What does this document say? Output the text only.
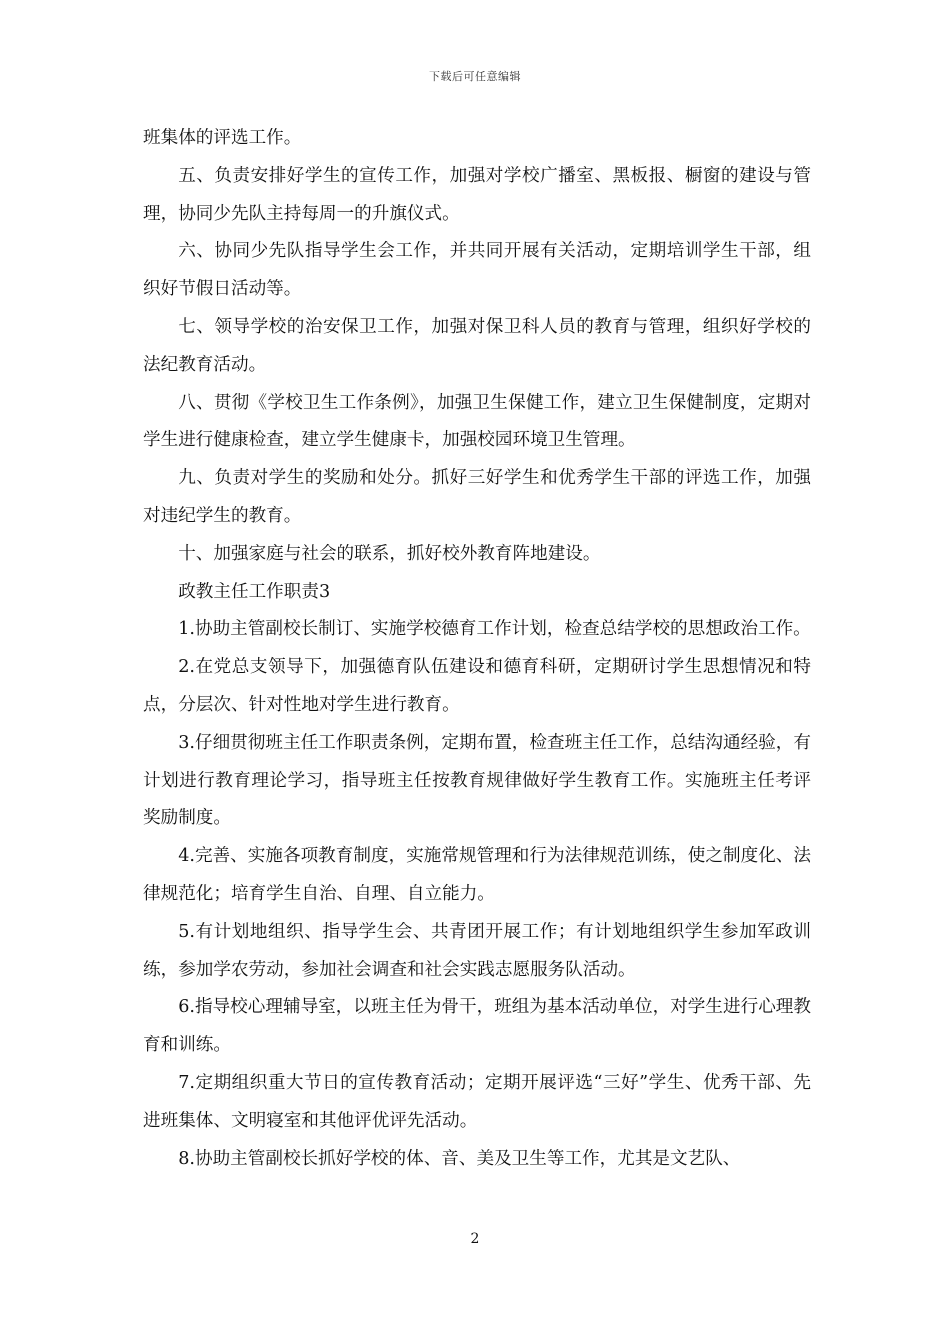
下载后可任意编辑

班集体的评选工作。

五、负责安排好学生的宣传工作，加强对学校广播室、黑板报、橱窗的建设与管理，协同少先队主持每周一的升旗仪式。

六、协同少先队指导学生会工作，并共同开展有关活动，定期培训学生干部，组织好节假日活动等。

七、领导学校的治安保卫工作，加强对保卫科人员的教育与管理，组织好学校的法纪教育活动。

八、贯彻《学校卫生工作条例》，加强卫生保健工作，建立卫生保健制度，定期对学生进行健康检查，建立学生健康卡，加强校园环境卫生管理。

九、负责对学生的奖励和处分。抓好三好学生和优秀学生干部的评选工作，加强对违纪学生的教育。

十、加强家庭与社会的联系，抓好校外教育阵地建设。

政教主任工作职责3

1.协助主管副校长制订、实施学校德育工作计划，检查总结学校的思想政治工作。

2.在党总支领导下，加强德育队伍建设和德育科研，定期研讨学生思想情况和特点，分层次、针对性地对学生进行教育。

3.仔细贯彻班主任工作职责条例，定期布置，检查班主任工作，总结沟通经验，有计划进行教育理论学习，指导班主任按教育规律做好学生教育工作。实施班主任考评奖励制度。

4.完善、实施各项教育制度，实施常规管理和行为法律规范训练，使之制度化、法律规范化；培育学生自治、自理、自立能力。

5.有计划地组织、指导学生会、共青团开展工作；有计划地组织学生参加军政训练，参加学农劳动，参加社会调查和社会实践志愿服务队活动。

6.指导校心理辅导室，以班主任为骨干，班组为基本活动单位，对学生进行心理教育和训练。

7.定期组织重大节日的宣传教育活动；定期开展评选“三好”学生、优秀干部、先进班集体、文明寝室和其他评优评先活动。

8.协助主管副校长抓好学校的体、音、美及卫生等工作，尤其是文艺队、

2
